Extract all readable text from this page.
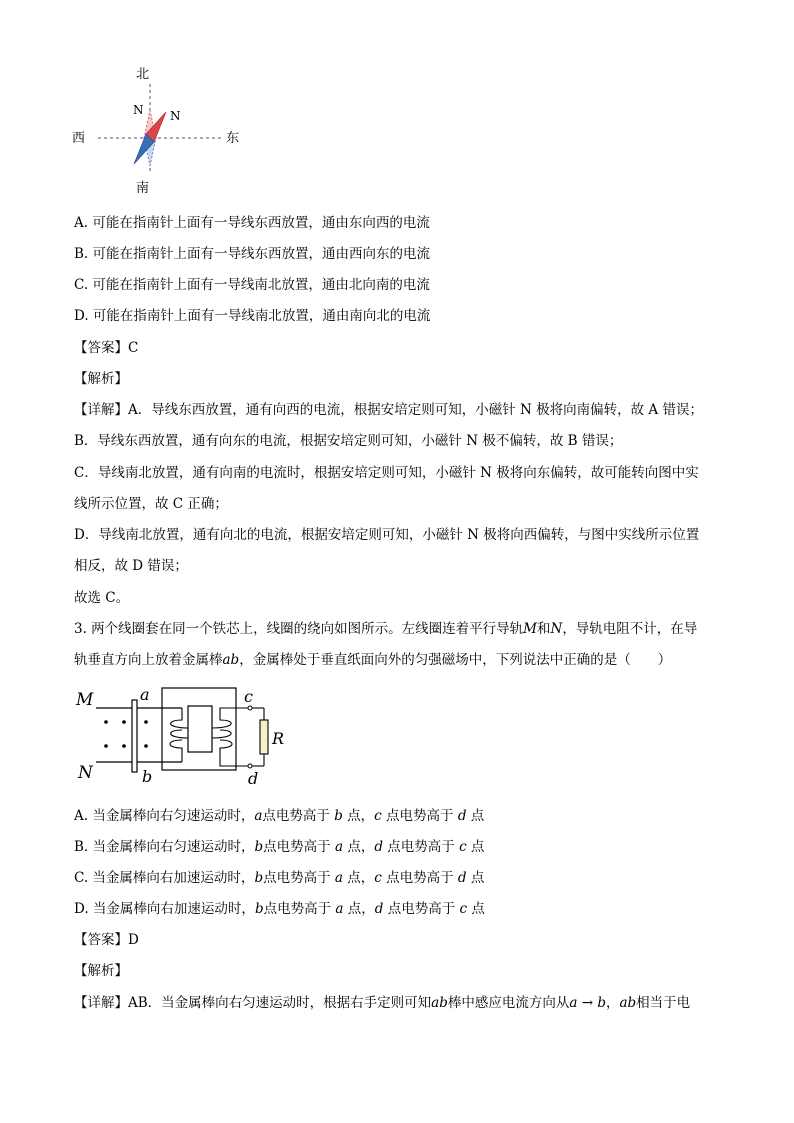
北
南
西	东
N N
A. 可能在指南针上面有一导线东西放置，通由东向西的电流
B. 可能在指南针上面有一导线东西放置，通由西向东的电流
C. 可能在指南针上面有一导线南北放置，通由北向南的电流
D. 可能在指南针上面有一导线南北放置，通由南向北的电流
【答案】C
【解析】
【详解】A．导线东西放置，通有向西的电流，根据安培定则可知，小磁针 N 极将向南偏转，故 A 错误；
B．导线东西放置，通有向东的电流，根据安培定则可知，小磁针 N 极不偏转，故 B 错误；
C．导线南北放置，通有向南的电流时，根据安培定则可知，小磁针 N 极将向东偏转，故可能转向图中实
线所示位置，故 C 正确；
D．导线南北放置，通有向北的电流，根据安培定则可知，小磁针 N 极将向西偏转，与图中实线所示位置
相反，故 D 错误；
故选 C。
3. 两个线圈套在同一个铁芯上，线圈的绕向如图所示。左线圈连着平行导轨M和N，导轨电阻不计，在导
轨垂直方向上放着金属棒ab，金属棒处于垂直纸面向外的匀强磁场中，下列说法中正确的是（　　）
M
N
a
b
c
d
R
A. 当金属棒向右匀速运动时，a点电势高于 b 点，c 点电势高于 d 点
B. 当金属棒向右匀速运动时，b点电势高于 a 点，d 点电势高于 c 点
C. 当金属棒向右加速运动时，b点电势高于 a 点，c 点电势高于 d 点
D. 当金属棒向右加速运动时，b点电势高于 a 点，d 点电势高于 c 点
【答案】D
【解析】
【详解】AB．当金属棒向右匀速运动时，根据右手定则可知ab棒中感应电流方向从a → b，ab相当于电
